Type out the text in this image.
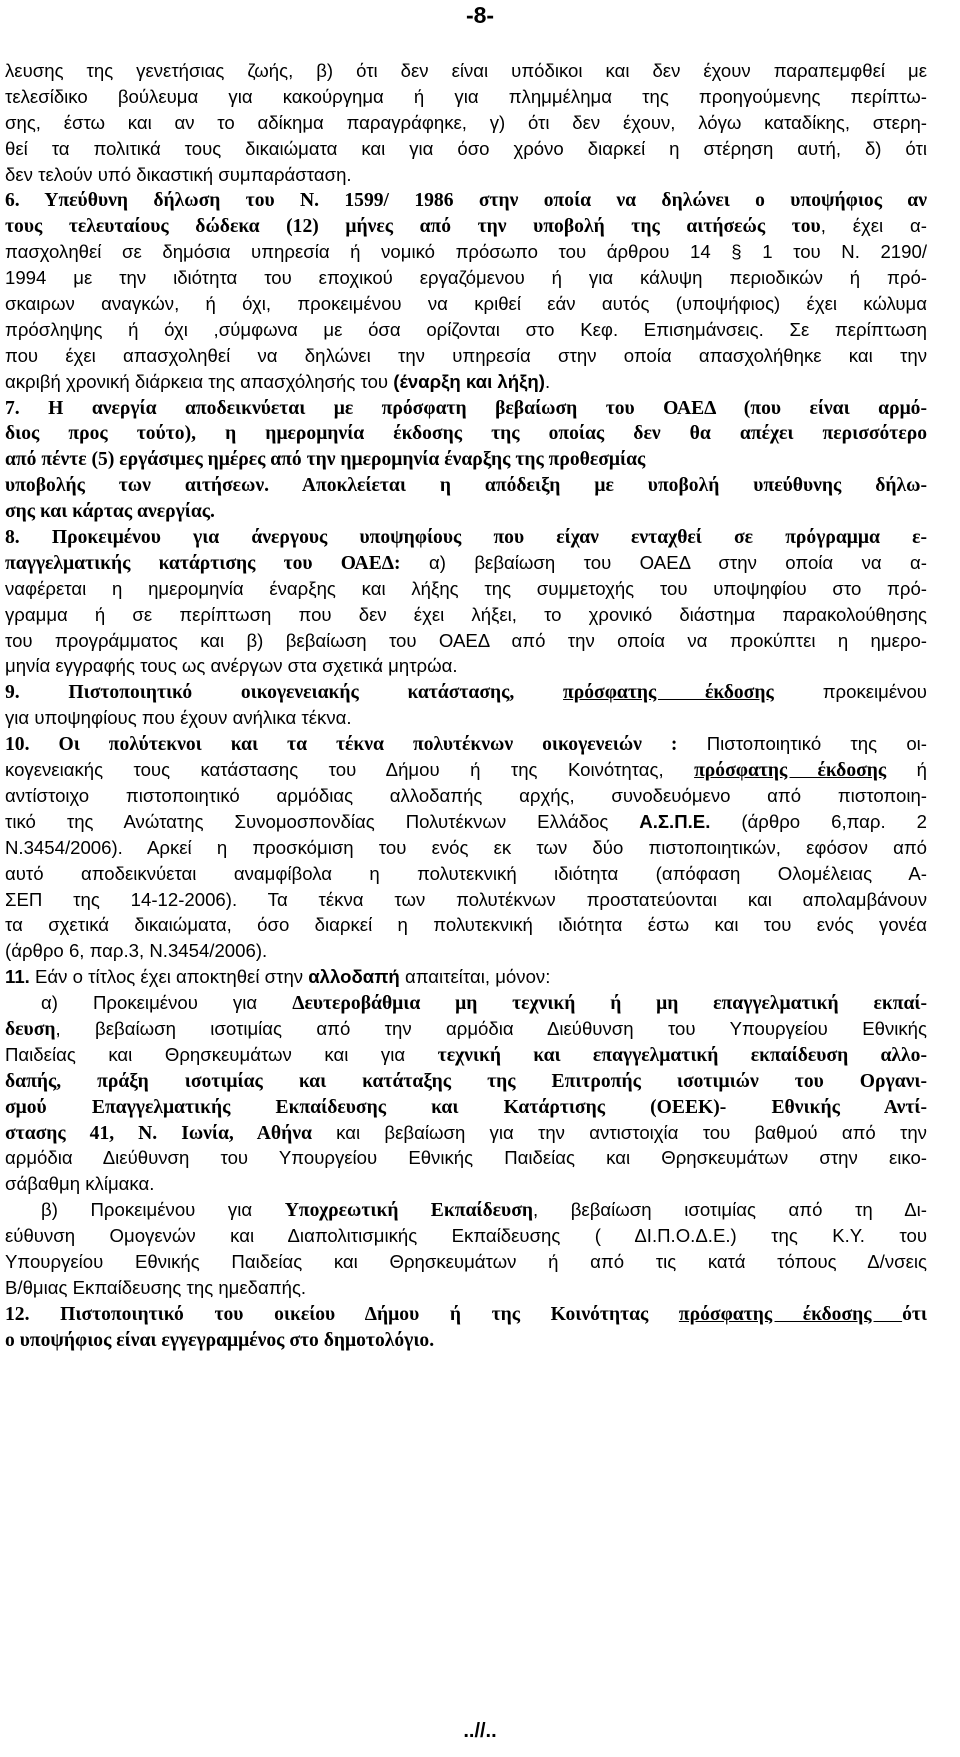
-8-
λευσης της γενετήσιας ζωής, β) ότι δεν είναι υπόδικοι και δεν έχουν παραπεμφθεί με
τελεσίδικο βούλευμα για κακούργημα ή για πλημμέλημα της προηγούμενης περίπτω-
σης, έστω και αν το αδίκημα παραγράφηκε, γ) ότι δεν έχουν, λόγω καταδίκης, στερη-
θεί τα πολιτικά τους δικαιώματα και για όσο χρόνο διαρκεί η στέρηση αυτή, δ) ότι
δεν τελούν υπό δικαστική συμπαράσταση.
6. Υπεύθυνη δήλωση του Ν. 1599/ 1986 στην οποία να δηλώνει ο υποψήφιος αν
τους τελευταίους δώδεκα (12) μήνες από την υποβολή της αιτήσεώς του, έχει α-
πασχοληθεί σε δημόσια υπηρεσία ή νομικό πρόσωπο του άρθρου 14 § 1 του Ν. 2190/
1994 με την ιδιότητα του εποχικού εργαζόμενου ή για κάλυψη περιοδικών ή πρό-
σκαιρων αναγκών, ή όχι, προκειμένου να κριθεί εάν αυτός (υποψήφιος) έχει κώλυμα
πρόσληψης ή όχι ,σύμφωνα με όσα ορίζονται στο Κεφ. Επισημάνσεις. Σε περίπτωση
που έχει απασχοληθεί να δηλώνει την υπηρεσία στην οποία απασχολήθηκε και την
ακριβή χρονική διάρκεια της απασχόλησής του (έναρξη και λήξη).
7. Η ανεργία αποδεικνύεται με πρόσφατη βεβαίωση του ΟΑΕΔ (που είναι αρμό-
διος προς τούτο), η ημερομηνία έκδοσης της οποίας δεν θα απέχει περισσότερο
από πέντε (5) εργάσιμες ημέρες από την ημερομηνία έναρξης της προθεσμίας
υποβολής των αιτήσεων. Αποκλείεται η απόδειξη με υποβολή υπεύθυνης δήλω-
σης και κάρτας ανεργίας.
8. Προκειμένου για άνεργους υποψηφίους που είχαν ενταχθεί σε πρόγραμμα ε-
παγγελματικής κατάρτισης του ΟΑΕΔ: α) βεβαίωση του ΟΑΕΔ στην οποία να α-
ναφέρεται η ημερομηνία έναρξης και λήξης της συμμετοχής του υποψηφίου στο πρό-
γραμμα ή σε περίπτωση που δεν έχει λήξει, το χρονικό διάστημα παρακολούθησης
του προγράμματος και β) βεβαίωση του ΟΑΕΔ από την οποία να προκύπτει η ημερο-
μηνία εγγραφής τους ως ανέργων στα σχετικά μητρώα.
9. Πιστοποιητικό οικογενειακής κατάστασης, πρόσφατης έκδοσης προκειμένου
για υποψηφίους που έχουν ανήλικα τέκνα.
10. Οι πολύτεκνοι και τα τέκνα πολυτέκνων οικογενειών : Πιστοποιητικό της οι-
κογενειακής τους κατάστασης του Δήμου ή της Κοινότητας, πρόσφατης έκδοσης ή
αντίστοιχο πιστοποιητικό αρμόδιας αλλοδαπής αρχής, συνοδευόμενο από πιστοποιη-
τικό της Ανώτατης Συνομοσπονδίας Πολυτέκνων Ελλάδος Α.Σ.Π.Ε. (άρθρο 6,παρ. 2
Ν.3454/2006). Αρκεί η προσκόμιση του ενός εκ των δύο πιστοποιητικών, εφόσον από
αυτό αποδεικνύεται αναμφίβολα η πολυτεκνική ιδιότητα (απόφαση Ολομέλειας Α-
ΣΕΠ της 14-12-2006). Τα τέκνα των πολυτέκνων προστατεύονται και απολαμβάνουν
τα σχετικά δικαιώματα, όσο διαρκεί η πολυτεκνική ιδιότητα έστω και του ενός γονέα
(άρθρο 6, παρ.3, Ν.3454/2006).
11. Εάν ο τίτλος έχει αποκτηθεί στην αλλοδαπή απαιτείται, μόνον:
α) Προκειμένου για Δευτεροβάθμια μη τεχνική ή μη επαγγελματική εκπαί-
δευση, βεβαίωση ισοτιμίας από την αρμόδια Διεύθυνση του Υπουργείου Εθνικής
Παιδείας και Θρησκευμάτων και για τεχνική και επαγγελματική εκπαίδευση αλλο-
δαπής, πράξη ισοτιμίας και κατάταξης της Επιτροπής ισοτιμιών του Οργανι-
σμού Επαγγελματικής Εκπαίδευσης και Κατάρτισης (ΟΕΕΚ)- Εθνικής Αντί-
στασης 41, Ν. Ιωνία, Αθήνα και βεβαίωση για την αντιστοιχία του βαθμού από την
αρμόδια Διεύθυνση του Υπουργείου Εθνικής Παιδείας και Θρησκευμάτων στην εικο-
σάβαθμη κλίμακα.
β) Προκειμένου για Υποχρεωτική Εκπαίδευση, βεβαίωση ισοτιμίας από τη Δι-
εύθυνση Ομογενών και Διαπολιτισμικής Εκπαίδευσης ( ΔΙ.Π.Ο.Δ.Ε.) της Κ.Υ. του
Υπουργείου Εθνικής Παιδείας και Θρησκευμάτων ή από τις κατά τόπους Δ/νσεις
Β/θμιας Εκπαίδευσης της ημεδαπής.
12. Πιστοποιητικό του οικείου Δήμου ή της Κοινότητας πρόσφατης έκδοσης ότι
ο υποψήφιος είναι εγγεγραμμένος στο δημοτολόγιο.
..//..
